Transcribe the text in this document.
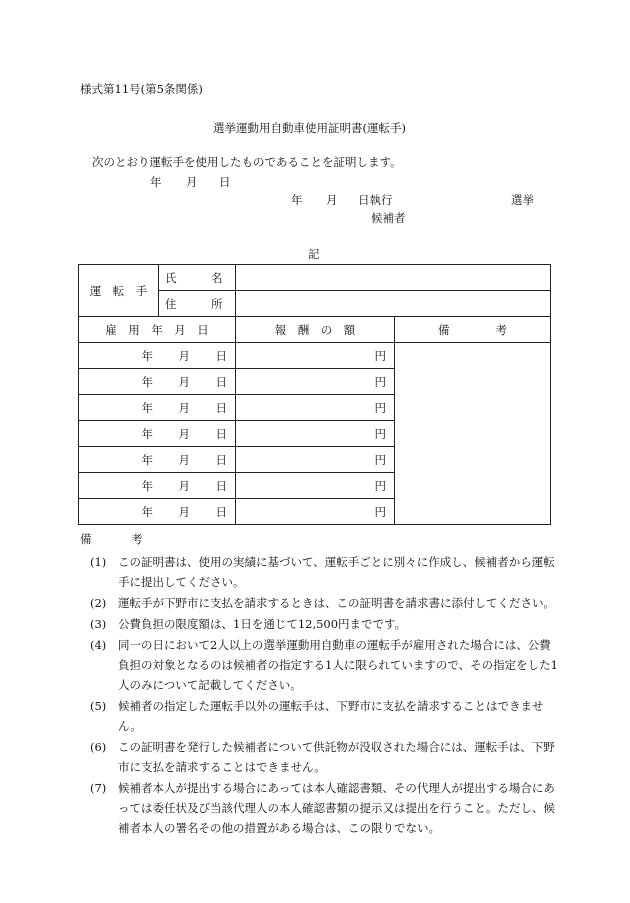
様式第11号(第5条関係)
選挙運動用自動車使用証明書(運転手)
次のとおり運転手を使用したものであることを証明します。
年 月 日
年 月 日執行	選挙
候補者
記
運　転　手	氏　　　名		
	住　　　所		
雇　用　年　月　日		報　酬　の　額	備　　　　考

年 月 日		円	

年 月 日		円	

年 月 日		円	

年 月 日		円	

年 月 日		円	

年 月 日		円	

年 月 日		円	
備　考
(1) この証明書は、使用の実績に基づいて、運転手ごとに別々に作成し、候補者から運転手に提出してください。
(2) 運転手が下野市に支払を請求するときは、この証明書を請求書に添付してください。
(3) 公費負担の限度額は、1日を通じて12,500円までです。
(4) 同一の日において2人以上の選挙運動用自動車の運転手が雇用された場合には、公費負担の対象となるのは候補者の指定する1人に限られていますので、その指定をした1人のみについて記載してください。
(5) 候補者の指定した運転手以外の運転手は、下野市に支払を請求することはできません。
(6) この証明書を発行した候補者について供託物が没収された場合には、運転手は、下野市に支払を請求することはできません。
(7) 候補者本人が提出する場合にあっては本人確認書類、その代理人が提出する場合にあっては委任状及び当該代理人の本人確認書類の提示又は提出を行うこと。ただし、候補者本人の署名その他の措置がある場合は、この限りでない。
